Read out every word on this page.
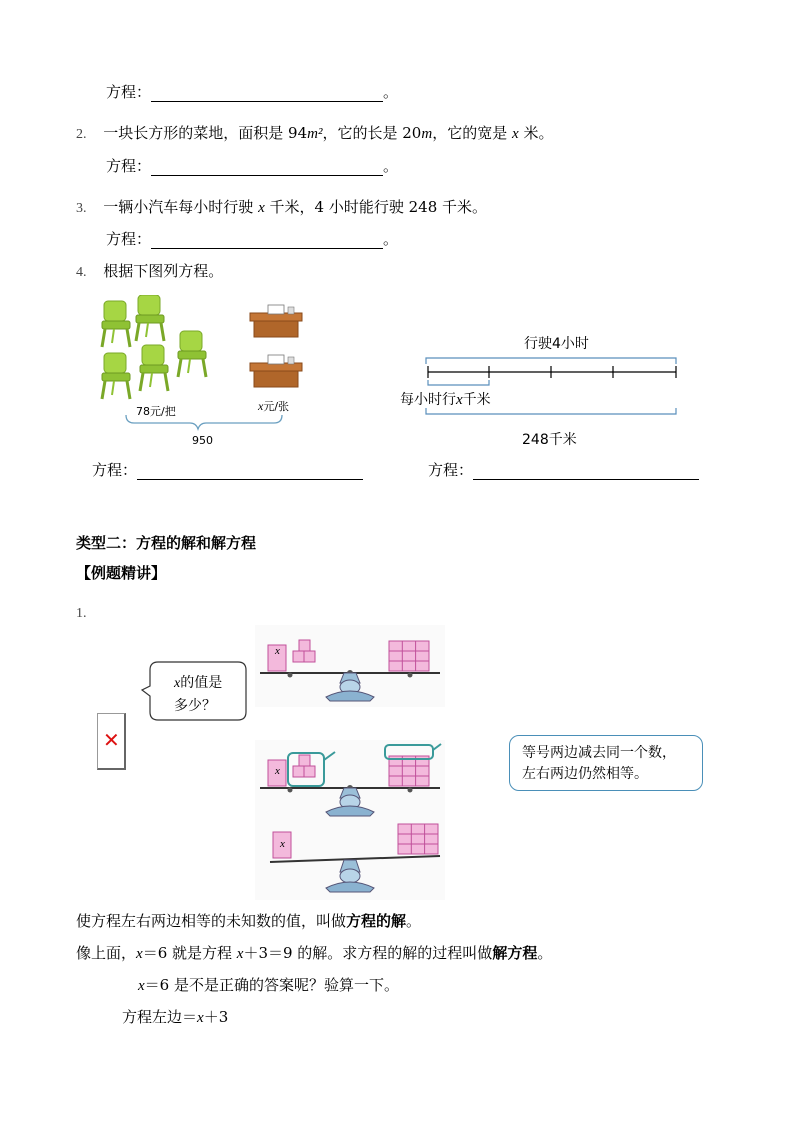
方程：	。
2. 一块长方形的菜地，面积是 94m²，它的长是 20m，它的宽是 x 米。
方程：	。
3. 一辆小汽车每小时行驶 x 千米，4 小时能行驶 248 千米。
方程：	。
4. 根据下图列方程。
78元/把	x元/张
950
行驶4小时
每小时行x千米
248千米
方程：	方程：
类型二：方程的解和解方程
【例题精讲】
1.
x
x
x
x的值是
多少？
✕
等号两边减去同一个数，
左右两边仍然相等。
使方程左右两边相等的未知数的值，叫做方程的解。
像上面，x＝6 就是方程 x＋3＝9 的解。求方程的解的过程叫做解方程。
x＝6 是不是正确的答案呢？验算一下。
方程左边＝x＋3
